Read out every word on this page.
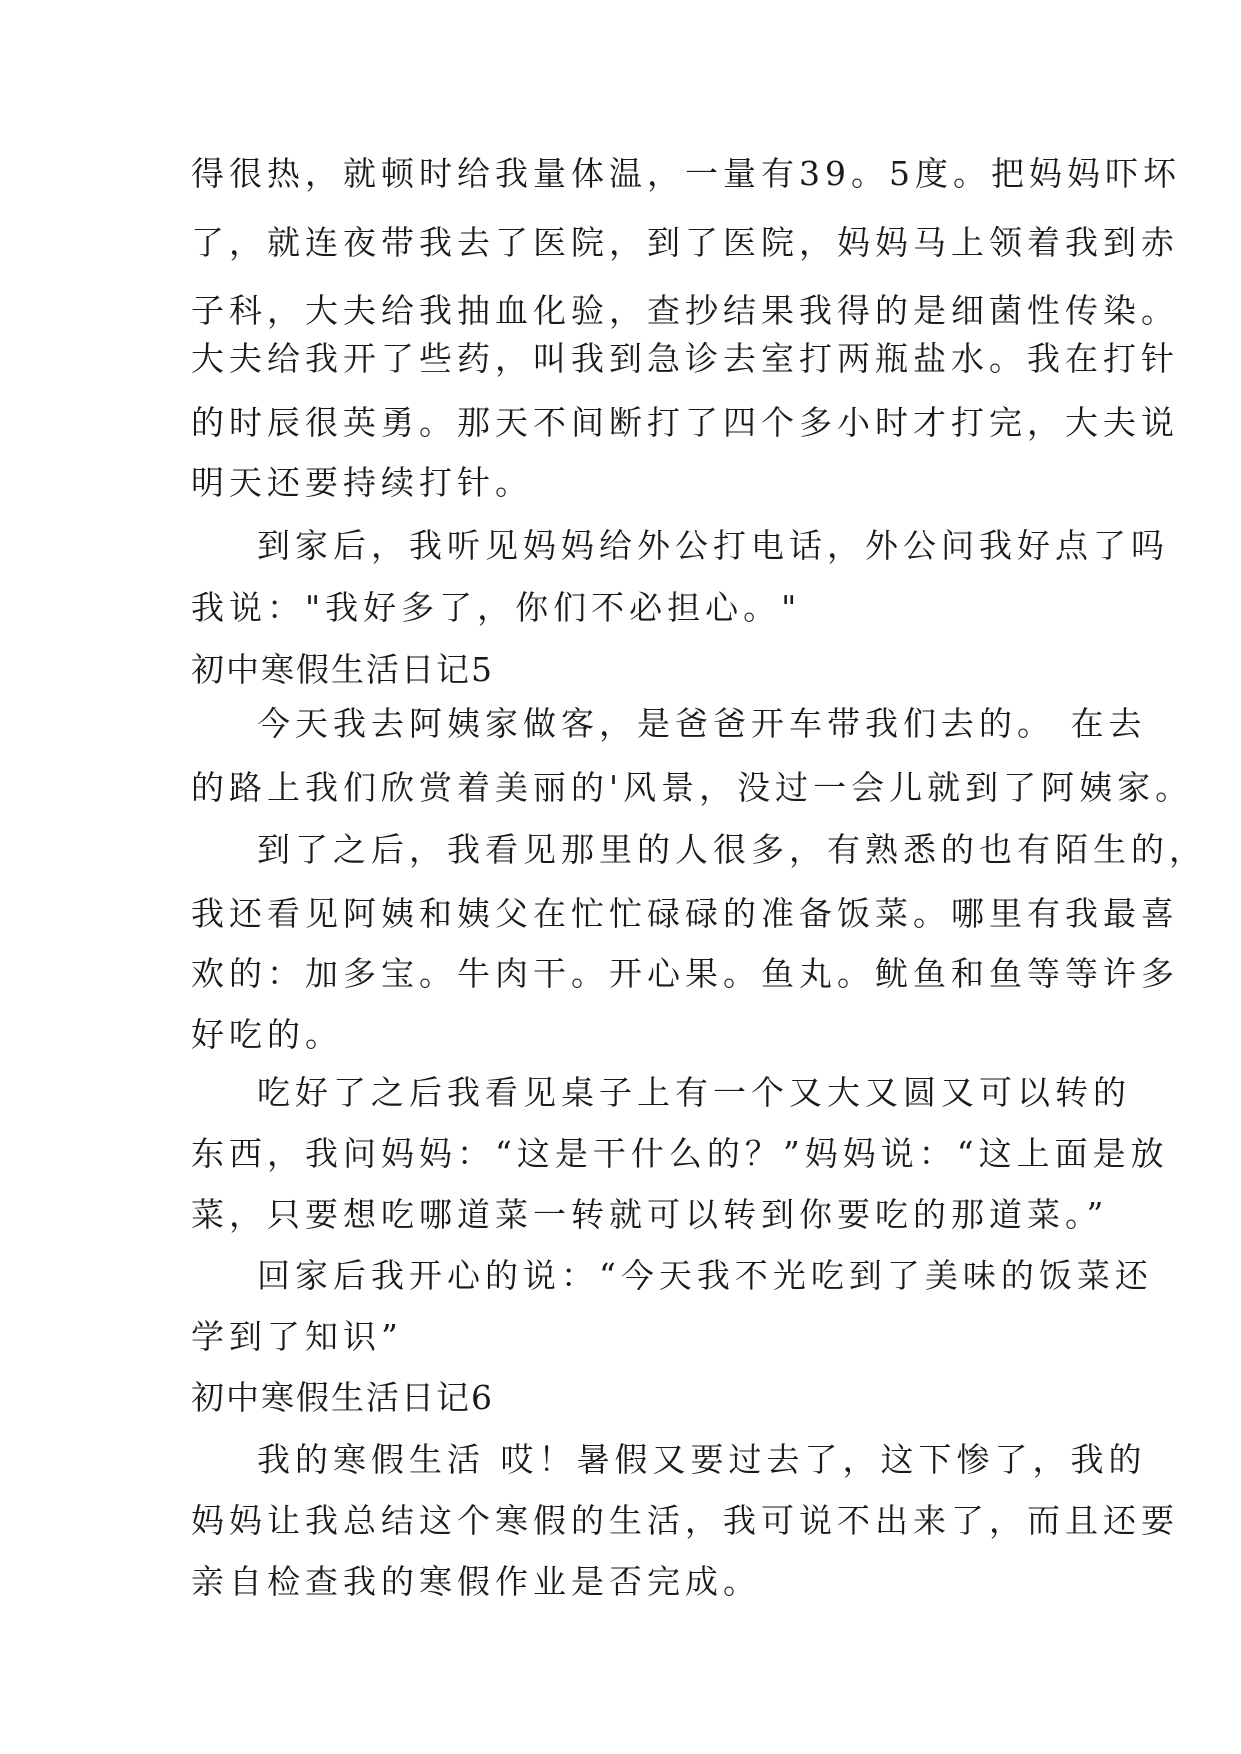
得很热，就顿时给我量体温，一量有39。5度。把妈妈吓坏
了，就连夜带我去了医院，到了医院，妈妈马上领着我到赤
子科，大夫给我抽血化验，查抄结果我得的是细菌性传染。
大夫给我开了些药，叫我到急诊去室打两瓶盐水。我在打针
的时辰很英勇。那天不间断打了四个多小时才打完，大夫说
明天还要持续打针。
到家后，我听见妈妈给外公打电话，外公问我好点了吗
我说："我好多了，你们不必担心。"
初中寒假生活日记5
今天我去阿姨家做客，是爸爸开车带我们去的。 在去
的路上我们欣赏着美丽的'风景，没过一会儿就到了阿姨家。
到了之后，我看见那里的人很多，有熟悉的也有陌生的，
我还看见阿姨和姨父在忙忙碌碌的准备饭菜。哪里有我最喜
欢的：加多宝。牛肉干。开心果。鱼丸。鱿鱼和鱼等等许多
好吃的。
吃好了之后我看见桌子上有一个又大又圆又可以转的
东西，我问妈妈：“这是干什么的？”妈妈说：“这上面是放
菜，只要想吃哪道菜一转就可以转到你要吃的那道菜。”
回家后我开心的说：“今天我不光吃到了美味的饭菜还
学到了知识”
初中寒假生活日记6
我的寒假生活 哎！暑假又要过去了，这下惨了，我的
妈妈让我总结这个寒假的生活，我可说不出来了，而且还要
亲自检查我的寒假作业是否完成。
